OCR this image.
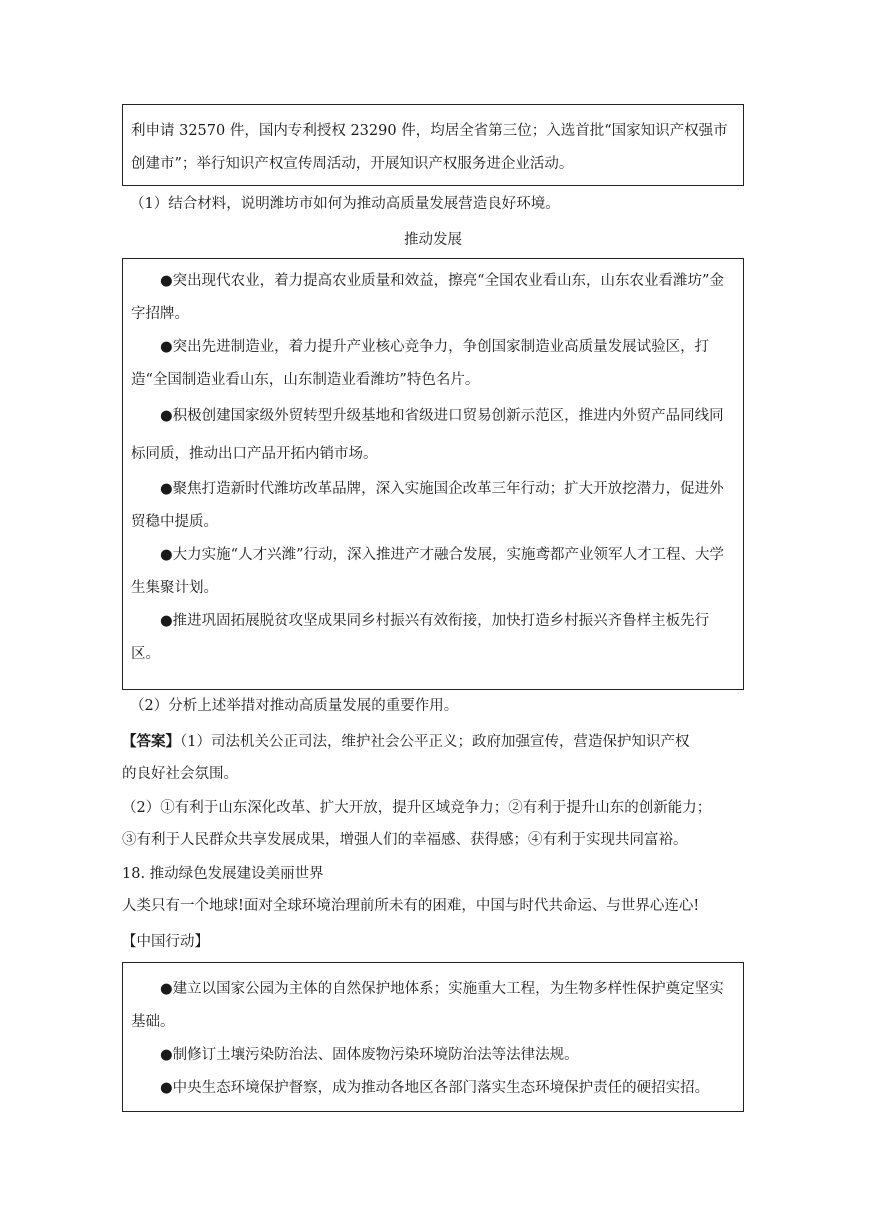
利申请 32570 件，国内专利授权 23290 件，均居全省第三位；入选首批“国家知识产权强市

创建市”；举行知识产权宣传周活动，开展知识产权服务进企业活动。

（1）结合材料，说明潍坊市如何为推动高质量发展营造良好环境。
推动发展

●突出现代农业，着力提高农业质量和效益，擦亮“全国农业看山东，山东农业看潍坊”金字招牌。

●突出先进制造业，着力提升产业核心竞争力，争创国家制造业高质量发展试验区，打造“全国制造业看山东，山东制造业看潍坊”特色名片。

●积极创建国家级外贸转型升级基地和省级进口贸易创新示范区，推进内外贸产品同线同标同质，推动出口产品开拓内销市场。

●聚焦打造新时代潍坊改革品牌，深入实施国企改革三年行动；扩大开放挖潜力，促进外贸稳中提质。

●大力实施“人才兴潍”行动，深入推进产才融合发展，实施鸢都产业领军人才工程、大学生集聚计划。

●推进巩固拓展脱贫攻坚成果同乡村振兴有效衔接，加快打造乡村振兴齐鲁样主板先行区。

（2）分析上述举措对推动高质量发展的重要作用。
【答案】（1）司法机关公正司法，维护社会公平正义；政府加强宣传，营造保护知识产权
的良好社会氛围。
（2）①有利于山东深化改革、扩大开放，提升区域竞争力；②有利于提升山东的创新能力；
③有利于人民群众共享发展成果，增强人们的幸福感、获得感；④有利于实现共同富裕。
18. 推动绿色发展建设美丽世界
人类只有一个地球!面对全球环境治理前所未有的困难，中国与时代共命运、与世界心连心!
【中国行动】

●建立以国家公园为主体的自然保护地体系；实施重大工程，为生物多样性保护奠定坚实基础。

●制修订土壤污染防治法、固体废物污染环境防治法等法律法规。

●中央生态环境保护督察，成为推动各地区各部门落实生态环境保护责任的硬招实招。
